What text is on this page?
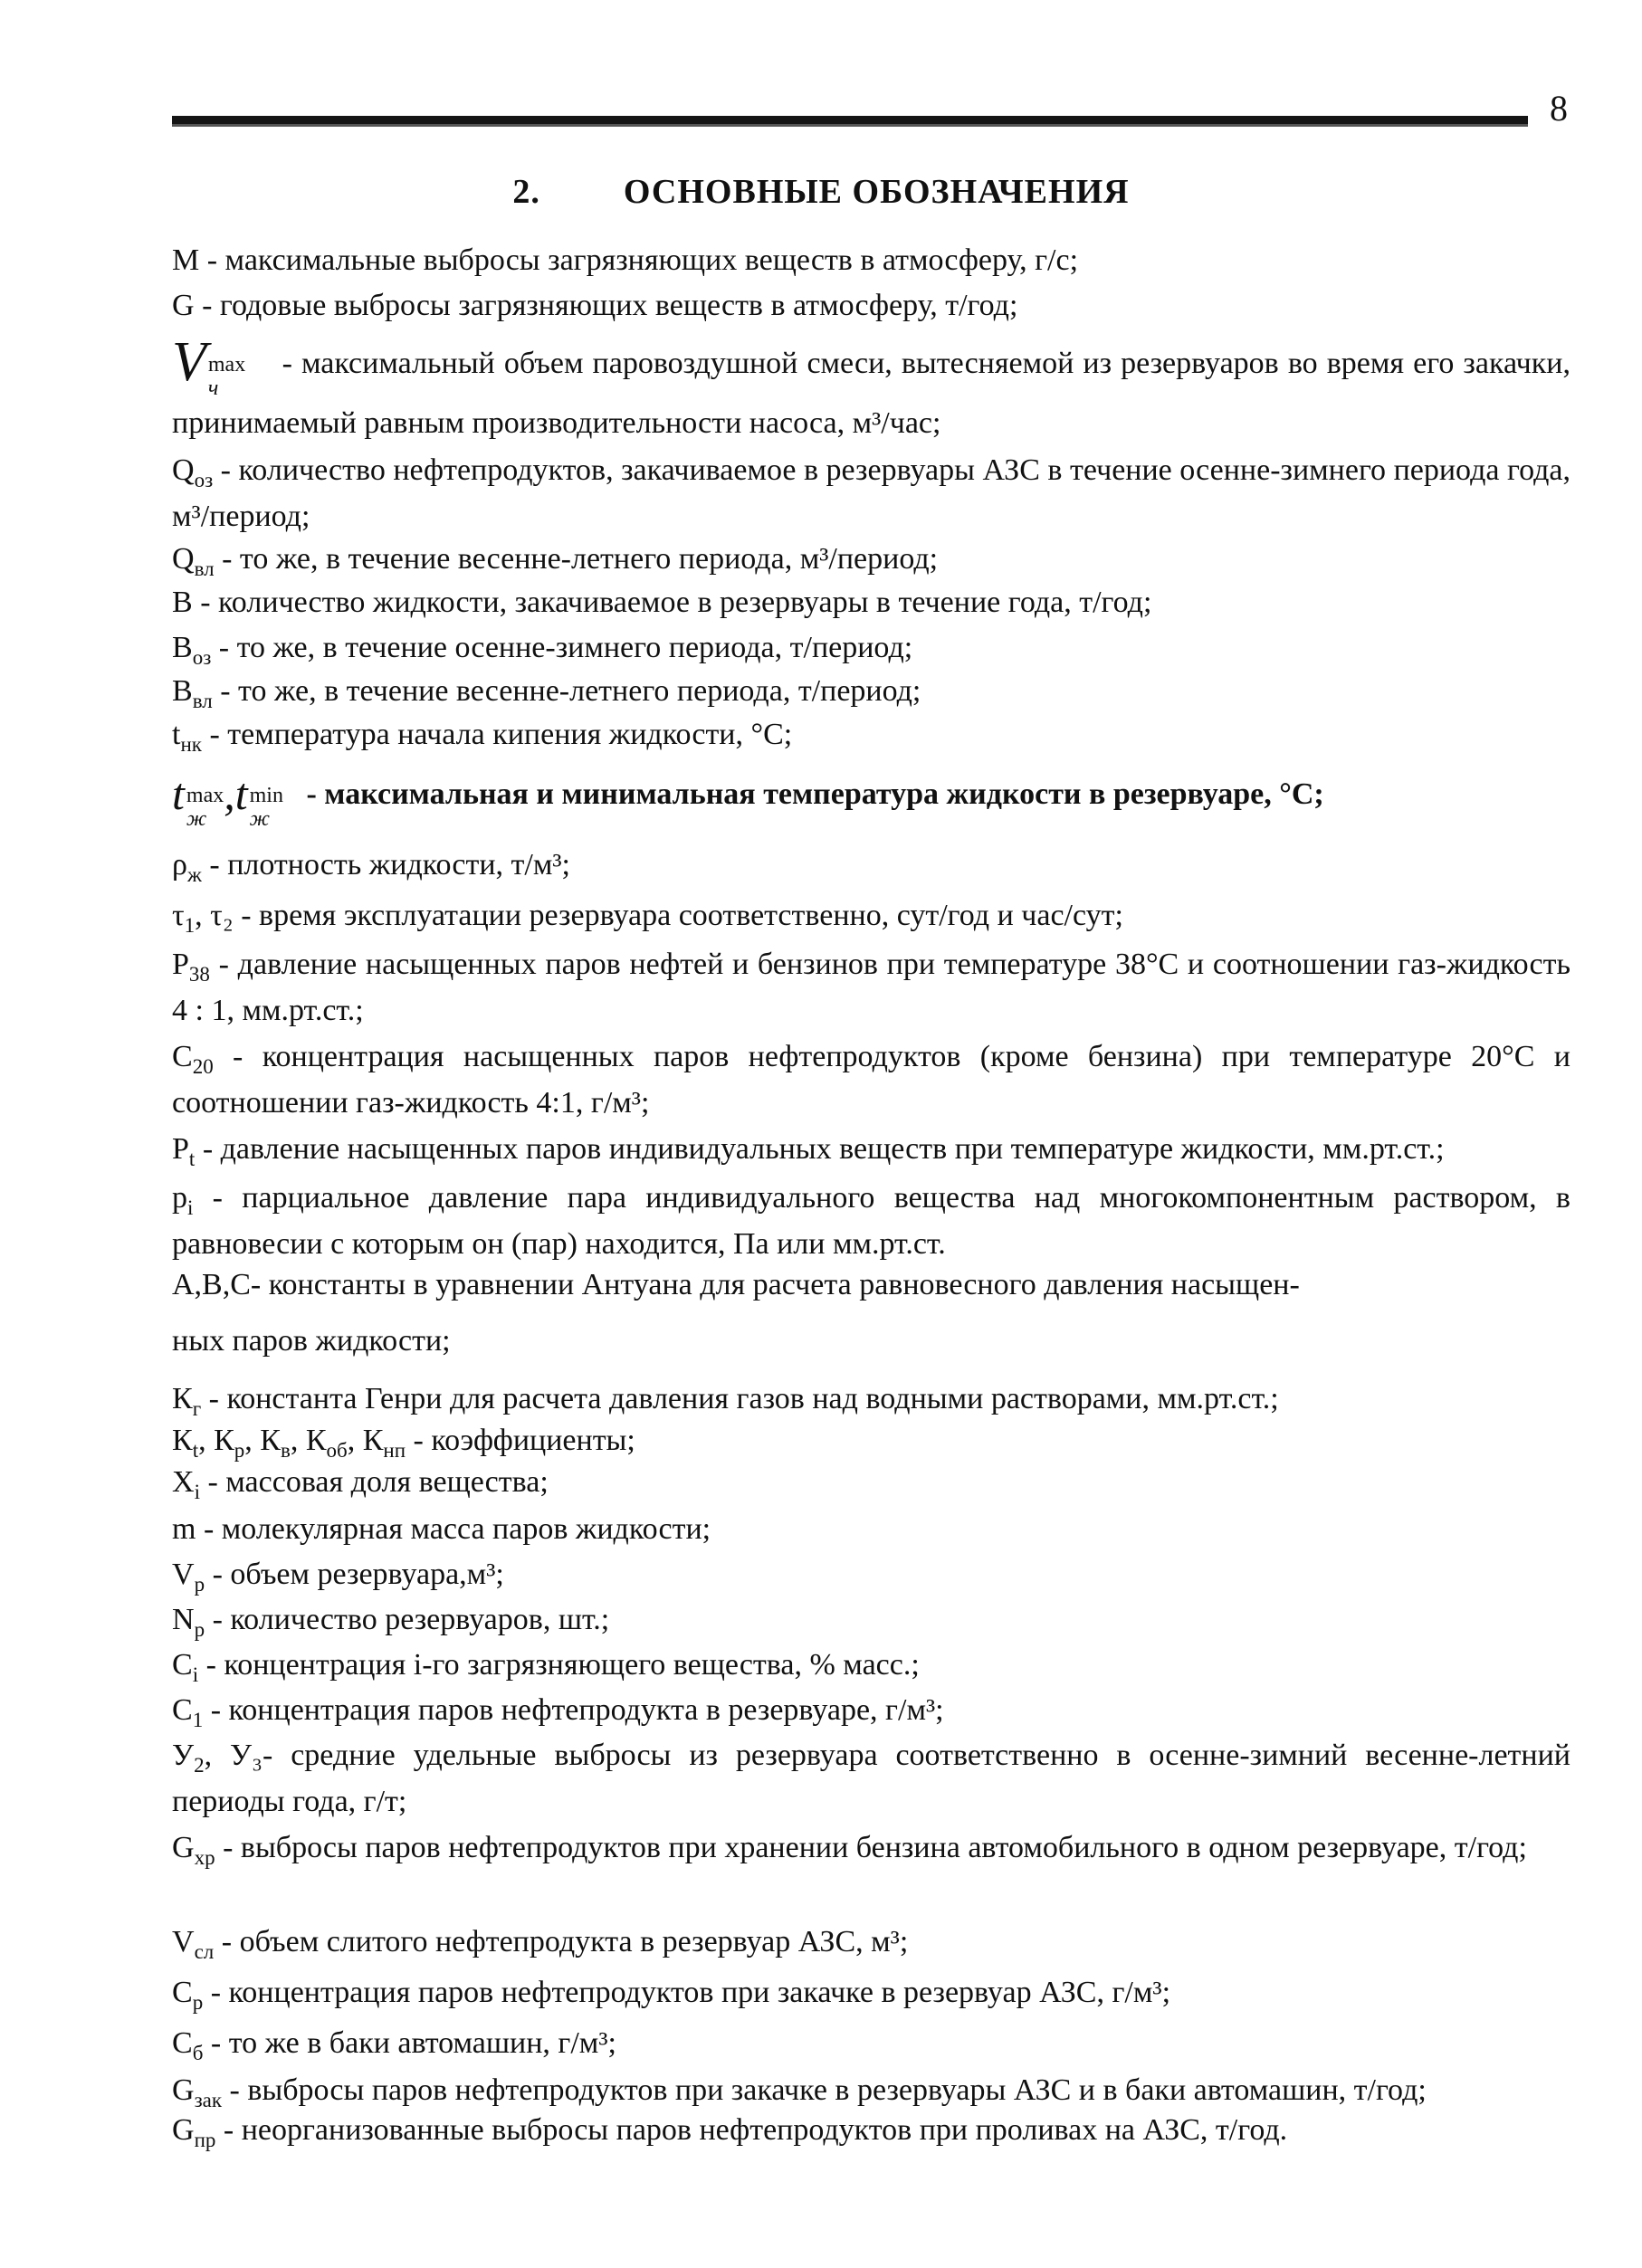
8
2. ОСНОВНЫЕ ОБОЗНАЧЕНИЯ
М - максимальные выбросы загрязняющих веществ в атмосферу, г/с;
G - годовые выбросы загрязняющих веществ в атмосферу, т/год;
V max
ч
- максимальный объем паровоздушной смеси, вытесняемой из резервуаров во время его закачки, принимаемый равным производительности насоса, м³/час;
$Q_{оз}$ - количество нефтепродуктов, закачиваемое в резервуары АЗС в течение осенне-зимнего периода года, м³/период;
$Q_{вл}$ - то же, в течение весенне-летнего периода, м³/период;
В - количество жидкости, закачиваемое в резервуары в течение года, т/год;
$В_{оз}$ - то же, в течение осенне-зимнего периода, т/период;
$В_{вл}$ - то же, в течение весенне-летнего периода, т/период;
$t_{нк}$ - температура начала кипения жидкости, °С;
t max
ж ,t min
ж
- максимальная и минимальная температура жидкости в резервуаре, °С;
$\rho_ж$ - плотность жидкости, т/м³;
$\tau_1$, τ₂ - время эксплуатации резервуара соответственно, сут/год и час/сут;
$Р_{38}$ - давление насыщенных паров нефтей и бензинов при температуре 38°С и соотношении газ-жидкость 4 : 1, мм.рт.ст.;
$С_{20}$ - концентрация насыщенных паров нефтепродуктов (кроме бензина) при температуре 20°С и соотношении газ-жидкость 4:1, г/м³;
$Р_t$ - давление насыщенных паров индивидуальных веществ при температуре жидкости, мм.рт.ст.;
$р_i$ - парциальное давление пара индивидуального вещества над многокомпонентным раствором, в равновесии с которым он (пар) находится, Па или мм.рт.ст.
А,В,С- константы в уравнении Антуана для расчета равновесного давления насыщен-
ных паров жидкости;
$К_г$ - константа Генри для расчета давления газов над водными растворами, мм.рт.ст.;
$К_t$, $К_р$, $К_в$, $К_{об}$, $К_{нп}$ - коэффициенты;
$Х_i$ - массовая доля вещества;
m - молекулярная масса паров жидкости;
$V_р$ - объем резервуара,м³;
$N_р$ - количество резервуаров, шт.;
$С_i$ - концентрация i-го загрязняющего вещества, % масс.;
$С_1$ - концентрация паров нефтепродукта в резервуаре, г/м³;
$У_2$, У₃- средние удельные выбросы из резервуара соответственно в осенне-зимний весенне-летний периоды года, г/т;
$G_{хр}$ - выбросы паров нефтепродуктов при хранении бензина автомобильного в одном резервуаре, т/год;
$V_{сл}$ - объем слитого нефтепродукта в резервуар АЗС, м³;
$С_р$ - концентрация паров нефтепродуктов при закачке в резервуар АЗС, г/м³;
$С_б$ - то же в баки автомашин, г/м³;
$G_{зак}$ - выбросы паров нефтепродуктов при закачке в резервуары АЗС и в баки автомашин, т/год;
$G_{пр}$ - неорганизованные выбросы паров нефтепродуктов при проливах на АЗС, т/год.
